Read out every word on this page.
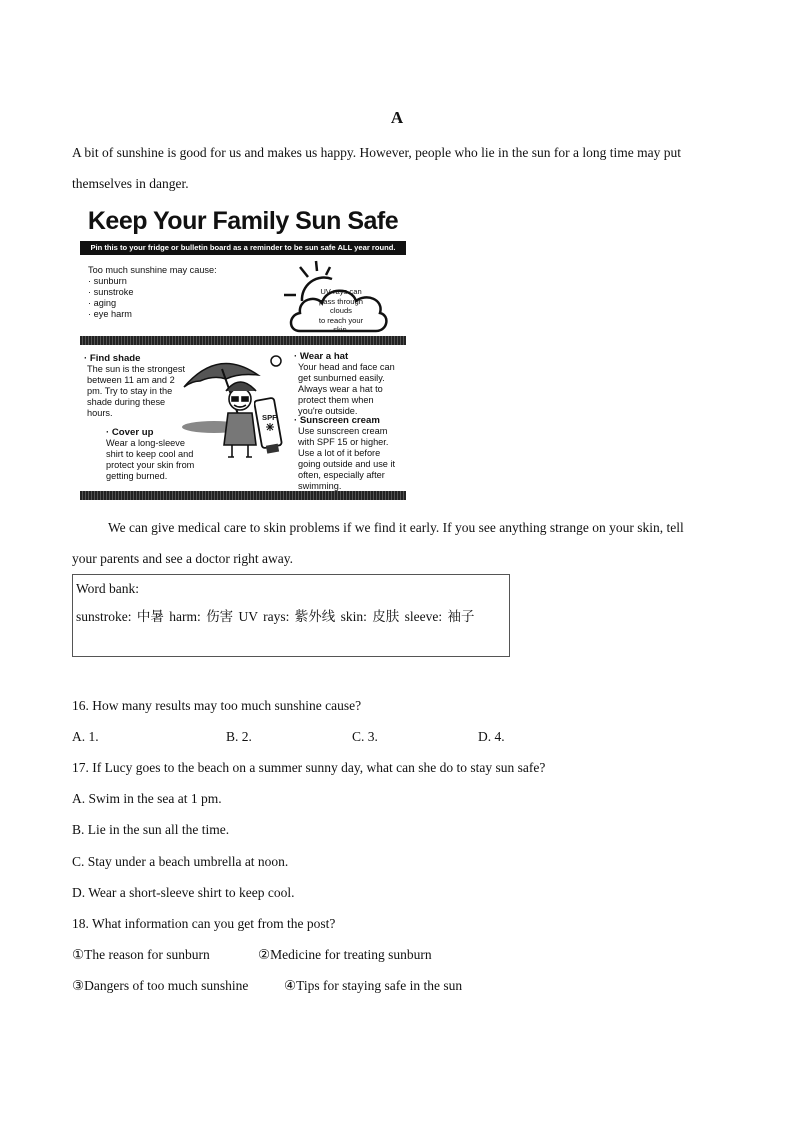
A
A bit of sunshine is good for us and makes us happy. However, people who lie in the sun for a long time may put
themselves in danger.
Keep Your Family Sun Safe
Pin this to your fridge or bulletin board as a reminder to be sun safe ALL year round.
Too much sunshine may cause:
· sunburn
· sunstroke
· aging
· eye harm
UV rays can
pass through
clouds
to reach your
skin.
· Find shade
The sun is the strongest
between 11 am and 2
pm. Try to stay in the
shade during these
hours.
· Cover up
Wear a long-sleeve
shirt to keep cool and
protect your skin from
getting burned.
SPF
· Wear a hat
Your head and face can
get sunburned easily.
Always wear a hat to
protect them when
you're outside.
· Sunscreen cream
Use sunscreen cream
with SPF 15 or higher.
Use a lot of it before
going outside and use it
often, especially after
swimming.
We can give medical care to skin problems if we find it early. If you see anything strange on your skin, tell
your parents and see a doctor right away.
Word bank:
sunstroke: 中暑 harm: 伤害 UV rays: 紫外线 skin: 皮肤 sleeve: 袖子
16. How many results may too much sunshine cause?
A. 1.	B. 2.	C. 3.	D. 4.
17. If Lucy goes to the beach on a summer sunny day, what can she do to stay sun safe?
A. Swim in the sea at 1 pm.
B. Lie in the sun all the time.
C. Stay under a beach umbrella at noon.
D. Wear a short-sleeve shirt to keep cool.
18. What information can you get from the post?
①The reason for sunburn	②Medicine for treating sunburn
③Dangers of too much sunshine	④Tips for staying safe in the sun
